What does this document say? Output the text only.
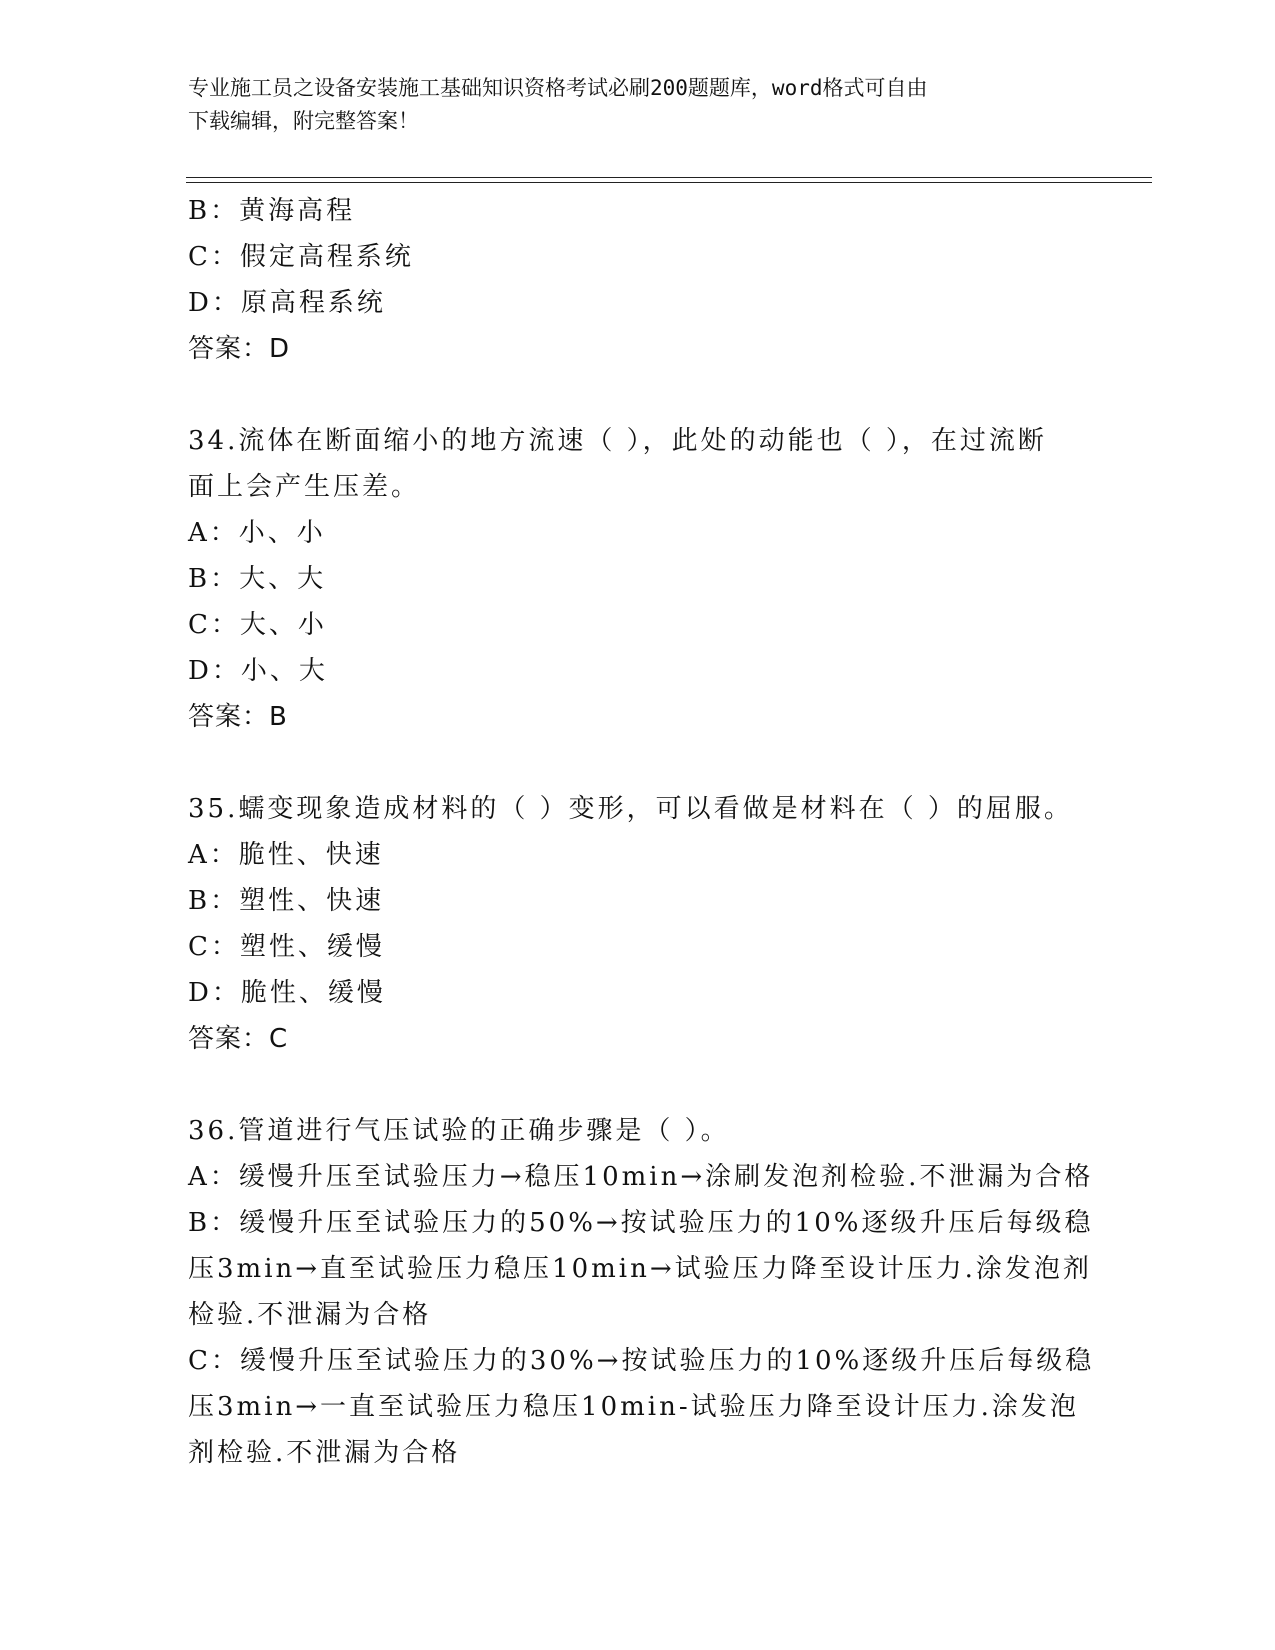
专业施工员之设备安装施工基础知识资格考试必刷200题题库，word格式可自由
下载编辑，附完整答案！
B：黄海高程
C：假定高程系统
D：原高程系统
答案：D
34.流体在断面缩小的地方流速（ ），此处的动能也（ ），在过流断
面上会产生压差。
A：小、小
B：大、大
C：大、小
D：小、大
答案：B
35.蠕变现象造成材料的（ ）变形，可以看做是材料在（ ）的屈服。
A：脆性、快速
B：塑性、快速
C：塑性、缓慢
D：脆性、缓慢
答案：C
36.管道进行气压试验的正确步骤是（ ）。
A：缓慢升压至试验压力→稳压10min→涂刷发泡剂检验.不泄漏为合格
B：缓慢升压至试验压力的50%→按试验压力的10%逐级升压后每级稳
压3min→直至试验压力稳压10min→试验压力降至设计压力.涂发泡剂
检验.不泄漏为合格
C：缓慢升压至试验压力的30%→按试验压力的10%逐级升压后每级稳
压3min→一直至试验压力稳压10min-试验压力降至设计压力.涂发泡
剂检验.不泄漏为合格
